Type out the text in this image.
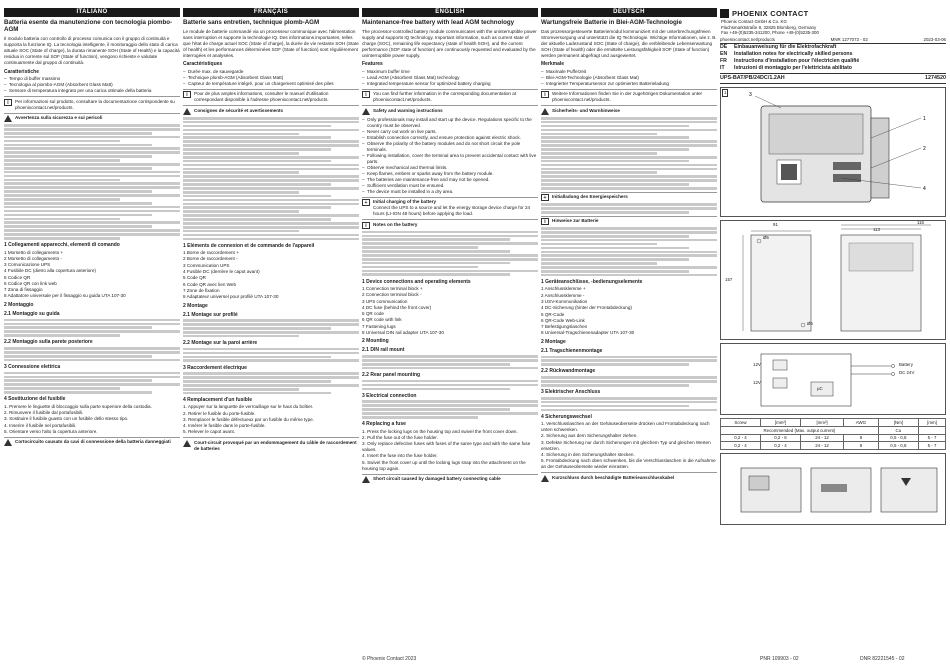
ITALIANO
Batteria esente da manutenzione con tecnologia piombo-AGM

Il modulo batteria con controllo di processo comunica con il gruppo di continuità e supporta la funzione IQ. La tecnologia intelligente, il monitoraggio dello stato di carica attuale SOC (State of charge), la durata rimanente SOH (State of Health) e la capacità residua in corrente sul SOF (State of function), vengono richieste e valutate continuamente dal gruppo di continuità.

Caratteristiche
– Tempo di buffer massimo
– Tecnologia al piombo-AGM (Absorbent Glass Matt)
– Sensore di temperatura integrato per una carica ottimale della batteria
i	Per informazioni sul prodotto, consultare la documentazione corrispondente su phoenixcontact.net/products.
Avvertenza sulla sicurezza e sui pericoli
1 Collegamenti apparecchi, elementi di comando
1 Morsetto di collegamento +
2 Morsetto di collegamento -
3 Comunicazione UPS
4 Fusibile DC (dietro alla copertura anteriore)
5 Codice QR
6 Codice QR con link web
7 Zona di fissaggio
8 Adattatore universale per il fissaggio su guida UTA 107-30
2 Montaggio
2.1 Montaggio su guida
2.2 Montaggio sulla parete posteriore
3 Connessione elettrica
4 Sostituzione del fusibile
1. Premere le linguette di bloccaggio sulla parte superiore della custodia.
2. Rimuovere il fusibile dal portafusibili.
3. Sostituire il fusibile guasto con un fusibile dello stesso tipo.
4. Inserire il fusibile nel portafusibili.
5. Orientare verso l'alto la copertura anteriore.
Cortocircuito causato da cavi di connessione della batteria danneggiati
FRANÇAIS
Batterie sans entretien, technique plomb-AGM

Le module de batterie commandé via un processeur communique avec l'alimentation sans interruption et supporte la technologie IQ. Des informations importantes, telles que l'état de charge actuel SOC (State of charge), la durée de vie restante SOH (State of health) et les performances déterminées SOF (State of function) sont régulièrement interrogées et analysées.

Caractéristiques
– Durée max. de sauvegarde
– Technique plomb-AGM (Absorbent Glass Matt)
– Capteur de température intégré, pour un chargement optimisé des piles
i	Pour de plus amples informations, consulter le manuel d'utilisation correspondant disponible à l'adresse phoenixcontact.net/products.
Consignes de sécurité et avertissements
1 Eléments de connexion et de commande de l'appareil
1 Borne de raccordement +
2 Borne de raccordement -
3 Communication UPS
4 Fusible DC (derrière le capot avant)
5 Code QR
6 Code QR avec lien Web
7 Zone de fixation
8 Adaptateur universel pour profilé UTA 107-30
2 Montage
2.1 Montage sur profilé
2.2 Montage sur la paroi arrière
3 Raccordement électrique
4 Remplacement d'un fusible
1. Appuyer sur la languette de verrouillage sur le haut du boîtier.
2. Retirer le fusible du porte-fusible.
3. Remplacer le fusible défectueux par un fusible du même type.
4. Insérer le fusible dans le porte-fusible.
5. Relever le capot avant.
Court-circuit provoqué par un endommagement du câble de raccordement de batteries
ENGLISH
Maintenance-free battery with lead AGM technology

The processor-controlled battery module communicates with the uninterruptible power supply and supports IQ technology. Important information, such as current state of charge (SOC), remaining life expectancy (state of health SOH), and the current performance (SOF state of function) are continuously requested and evaluated by the uninterruptible power supply.

Features
– Maximum buffer time
– Lead AGM (Absorbent Glass Mat) technology
– Integrated temperature sensor for optimized battery charging
i	You can find further information in the corresponding documentation at phoenixcontact.net/products.
Safety and warning instructions
– Only professionals may install and start up the device. Regulations specific to the country must be observed.
– Never carry out work on live parts.
– Establish connection correctly, and ensure protection against electric shock.
– Observe the polarity of the battery modules and do not short circuit the pole terminals.
– Following installation, cover the terminal area to prevent accidental contact with live parts.
– Observe mechanical and thermal limits.
– Keep flames, embers or sparks away from the battery module.
– The batteries are maintenance-free and may not be opened.
– Sufficient ventilation must be ensured.
– The device must be installed in a dry area.
+	Initial charging of the battery
Connect the UPS to a source and let the energy storage device charge for 24 hours (LI-ION 48 hours) before applying the load.
i	Notes on the battery
1 Device connections and operating elements
1 Connection terminal block +
2 Connection terminal block -
3 UPS communication
4 DC fuse (behind the front cover)
5 QR code
6 QR code with link
7 Fastening lugs
8 Universal DIN rail adapter UTA 107-30
2 Mounting
2.1 DIN rail mount
2.2 Rear panel mounting
3 Electrical connection
4 Replacing a fuse
1. Press the locking lugs on the housing top and swivel the front cover down.
2. Pull the fuse out of the fuse holder.
3. Only replace defective fuses with fuses of the same type and with the same fuse values.
4. Insert the fuse into the fuse holder.
5. Swivel the front cover up until the locking lugs snap into the attachment on the housing top again.
Short circuit caused by damaged battery connecting cable
DEUTSCH
Wartungsfreie Batterie in Blei-AGM-Technologie

Das prozessorgesteuerte Batteriemodul kommuniziert mit der unterbrechungsfreien Stromversorgung und unterstützt die IQ Technologie. Wichtige Informationen, wie z. B. der aktuelle Ladezustand SOC (State of charge), die verbleibende Lebenserwartung SOH (State of health) oder die ermittelte Leistungsfähigkeit SOF (State of function) werden permanent abgefragt und ausgewertet.

Merkmale
– Maximale Pufferzeit
– Blei-AGM-Technologie (Absorbent Glass Mat)
– Integrierter Temperatursensor zur optimierten Batterieladung
i	Weitere Informationen finden Sie in der zugehörigen Dokumentation unter phoenixcontact.net/products.
Sicherheits- und Warnhinweise
+	Initialladung des Energiespeichers
i	Hinweise zur Batterie
1 Geräteanschlüsse, -bedienungselemente
1 Anschlussklemme +
2 Anschlussklemme -
3 USV-Kommunikation
4 DC-Sicherung (hinter der Frontabdeckung)
5 QR-Code
6 QR-Code Web-Link
7 Befestigungslaschen
8 Universal-Tragschienenadapter UTA 107-30
2 Montage
2.1 Tragschienenmontage
2.2 Rückwandmontage
3 Elektrischer Anschluss
4 Sicherungswechsel
1. Verschlusslaschen an der Gehäuseoberseite drücken und Frontabdeckung nach unten schwenken.
2. Sicherung aus dem Sicherungshalter ziehen.
3. Defekte Sicherung nur durch Sicherungen mit gleichem Typ und gleichen Werten ersetzen.
4. Sicherung in den Sicherungshalter stecken.
5. Frontabdeckung nach oben schwenken, bis die Verschlusslaschen in die Aufnahme an der Gehäuseoberseite wieder einrasten.
Kurzschluss durch beschädigte Batterieanschlusskabel
PHOENIX CONTACT
Phoenix Contact GmbH & Co. KG
Flachsmarktstraße 8, 32825 Blomberg, Germany
Fax +49-(0)5235-341200, Phone +49-(0)5235-300
phoenixcontact.net/products	MNR 1277073 - 02	2023-03-06
DE	Einbauanweisung für die Elektrofachkraft
EN	Installation notes for electrically skilled persons
FR	Instructions d'installation pour l'électricien qualifié
IT	Istruzioni di montaggio per l'elettricista abilitato
UPS-BAT/PB/24DC/1.2AH	1274520
1
1
2
3
4
91	116
113
157
Ø5
Ø5
Battery
DC 24V
12V
12V
μC
Screw	[mm²]	[mm²]	AWG	[Nm]	[mm]
Recommended (Max. output current)				Cu	
0,2 - 4	0,2 - 6	24 - 12	8	0,5 - 0,8	5 - 7
0,2 - 4	0,2 - 4	24 - 12	8	0,5 - 0,8	5 - 7
© Phoenix Contact 2023	PNR 109903 - 02	DNR 82221545 - 02
